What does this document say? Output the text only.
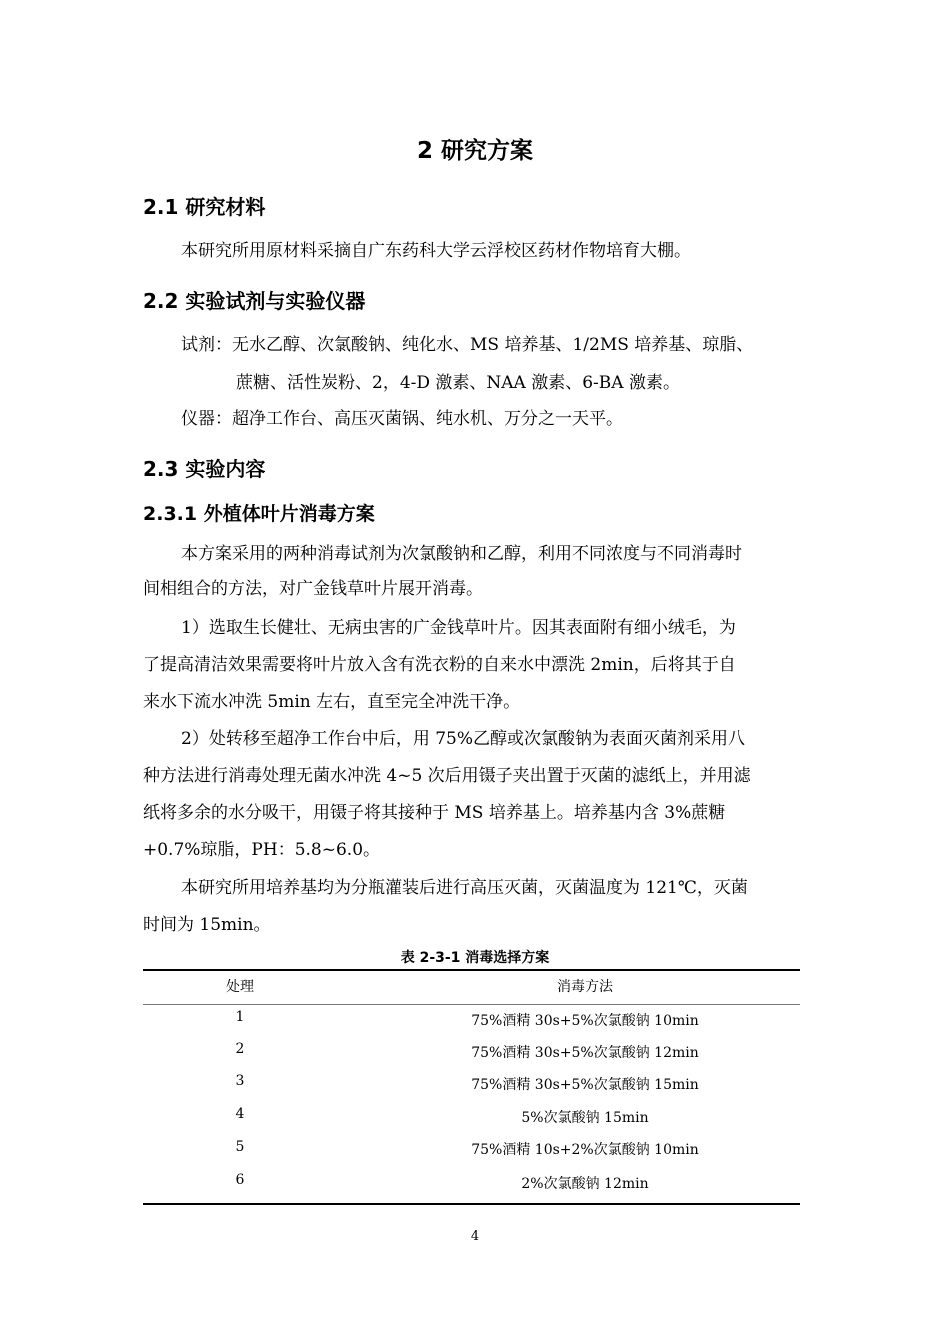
2 研究方案
2.1 研究材料
本研究所用原材料采摘自广东药科大学云浮校区药材作物培育大棚。
2.2 实验试剂与实验仪器
试剂：无水乙醇、次氯酸钠、纯化水、MS 培养基、1/2MS 培养基、琼脂、
蔗糖、活性炭粉、2，4-D 激素、NAA 激素、6-BA 激素。
仪器：超净工作台、高压灭菌锅、纯水机、万分之一天平。
2.3 实验内容
2.3.1 外植体叶片消毒方案
本方案采用的两种消毒试剂为次氯酸钠和乙醇，利用不同浓度与不同消毒时
间相组合的方法，对广金钱草叶片展开消毒。
1）选取生长健壮、无病虫害的广金钱草叶片。因其表面附有细小绒毛，为
了提高清洁效果需要将叶片放入含有洗衣粉的自来水中漂洗 2min，后将其于自
来水下流水冲洗 5min 左右，直至完全冲洗干净。
2）处转移至超净工作台中后，用 75%乙醇或次氯酸钠为表面灭菌剂采用八
种方法进行消毒处理无菌水冲洗 4~5 次后用镊子夹出置于灭菌的滤纸上，并用滤
纸将多余的水分吸干，用镊子将其接种于 MS 培养基上。培养基内含 3%蔗糖
+0.7%琼脂，PH：5.8~6.0。
本研究所用培养基均为分瓶灌装后进行高压灭菌，灭菌温度为 121℃，灭菌
时间为 15min。
表 2-3-1 消毒选择方案
处理	消毒方法
1	75%酒精 30s+5%次氯酸钠 10min
2	75%酒精 30s+5%次氯酸钠 12min
3	75%酒精 30s+5%次氯酸钠 15min
4	5%次氯酸钠 15min
5	75%酒精 10s+2%次氯酸钠 10min
6	2%次氯酸钠 12min
4
